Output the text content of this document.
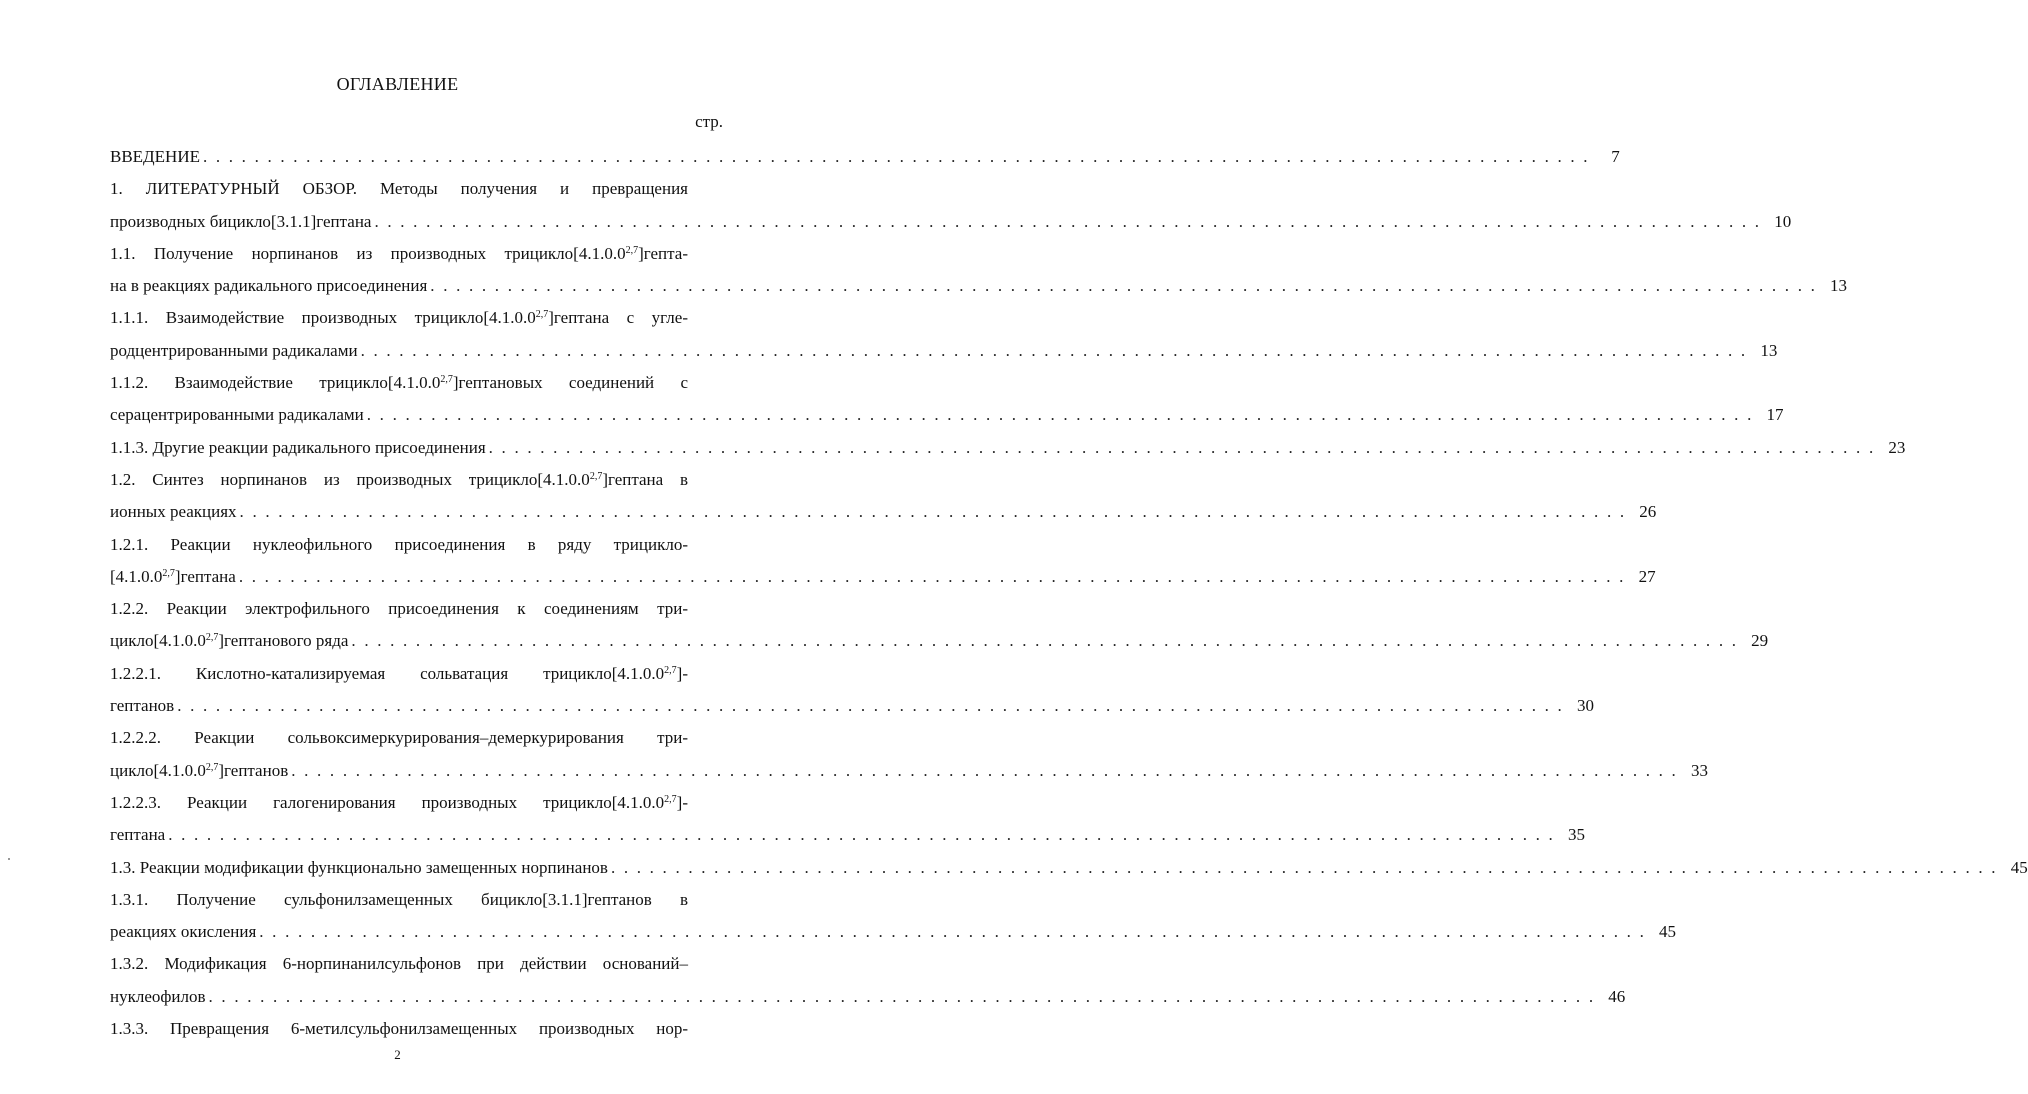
ОГЛАВЛЕНИЕ
стр.
ВВЕДЕНИЕ . . . . . . . . . . . . . . . . . . . . . . . . . . . . . . . . . . . . . . . . . . . . . . . . . . . . . . . . . . . . . . . . . . . . . . . . . . . . . . . . . . . . . . . . . . . . . . . . . . . . . . . . . . . .	7
1. ЛИТЕРАТУРНЫЙ ОБЗОР. Методы получения и превращения
производных бицикло[3.1.1]гептана . . . . . . . . . . . . . . . . . . . . . . . . . . . . . . . . . . . . . . . . . . . . . . . . . . . . . . . . . . . . . . . . . . . . . . . . . . . . . . . . . . . . . . . . . . . . . . . . . . . . . . . . . . . . 10
1.1. Получение норпинанов из производных трицикло[4.1.0.0$^{2,7}$]гепта-
на в реакциях радикального присоединения . . . . . . . . . . . . . . . . . . . . . . . . . . . . . . . . . . . . . . . . . . . . . . . . . . . . . . . . . . . . . . . . . . . . . . . . . . . . . . . . . . . . . . . . . . . . . . . . . . . . . . . . . . . . 13
1.1.1. Взаимодействие производных трицикло[4.1.0.0$^{2,7}$]гептана с угле-
родцентрированными радикалами . . . . . . . . . . . . . . . . . . . . . . . . . . . . . . . . . . . . . . . . . . . . . . . . . . . . . . . . . . . . . . . . . . . . . . . . . . . . . . . . . . . . . . . . . . . . . . . . . . . . . . . . . . . . 13
1.1.2. Взаимодействие трицикло[4.1.0.0$^{2,7}$]гептановых соединений с
серацентрированными радикалами . . . . . . . . . . . . . . . . . . . . . . . . . . . . . . . . . . . . . . . . . . . . . . . . . . . . . . . . . . . . . . . . . . . . . . . . . . . . . . . . . . . . . . . . . . . . . . . . . . . . . . . . . . . . 17
1.1.3. Другие реакции радикального присоединения . . . . . . . . . . . . . . . . . . . . . . . . . . . . . . . . . . . . . . . . . . . . . . . . . . . . . . . . . . . . . . . . . . . . . . . . . . . . . . . . . . . . . . . . . . . . . . . . . . . . . . . . . . . . 23
1.2. Синтез норпинанов из производных трицикло[4.1.0.0$^{2,7}$]гептана в
ионных реакциях . . . . . . . . . . . . . . . . . . . . . . . . . . . . . . . . . . . . . . . . . . . . . . . . . . . . . . . . . . . . . . . . . . . . . . . . . . . . . . . . . . . . . . . . . . . . . . . . . . . . . . . . . . . . 26
1.2.1. Реакции нуклеофильного присоединения в ряду трицикло-
[4.1.0.0$^{2,7}$]гептана . . . . . . . . . . . . . . . . . . . . . . . . . . . . . . . . . . . . . . . . . . . . . . . . . . . . . . . . . . . . . . . . . . . . . . . . . . . . . . . . . . . . . . . . . . . . . . . . . . . . . . . . . . . . 27
1.2.2. Реакции электрофильного присоединения к соединениям три-
цикло[4.1.0.0$^{2,7}$]гептанового ряда . . . . . . . . . . . . . . . . . . . . . . . . . . . . . . . . . . . . . . . . . . . . . . . . . . . . . . . . . . . . . . . . . . . . . . . . . . . . . . . . . . . . . . . . . . . . . . . . . . . . . . . . . . . . 29
1.2.2.1. Кислотно-катализируемая сольватация трицикло[4.1.0.0$^{2,7}$]-
гептанов . . . . . . . . . . . . . . . . . . . . . . . . . . . . . . . . . . . . . . . . . . . . . . . . . . . . . . . . . . . . . . . . . . . . . . . . . . . . . . . . . . . . . . . . . . . . . . . . . . . . . . . . . . . . 30
1.2.2.2. Реакции сольвоксимеркурирования–демеркурирования три-
цикло[4.1.0.0$^{2,7}$]гептанов . . . . . . . . . . . . . . . . . . . . . . . . . . . . . . . . . . . . . . . . . . . . . . . . . . . . . . . . . . . . . . . . . . . . . . . . . . . . . . . . . . . . . . . . . . . . . . . . . . . . . . . . . . . . 33
1.2.2.3. Реакции галогенирования производных трицикло[4.1.0.0$^{2,7}$]-
гептана . . . . . . . . . . . . . . . . . . . . . . . . . . . . . . . . . . . . . . . . . . . . . . . . . . . . . . . . . . . . . . . . . . . . . . . . . . . . . . . . . . . . . . . . . . . . . . . . . . . . . . . . . . . . 35
1.3. Реакции модификации функционально замещенных норпинанов . . . . . . . . . . . . . . . . . . . . . . . . . . . . . . . . . . . . . . . . . . . . . . . . . . . . . . . . . . . . . . . . . . . . . . . . . . . . . . . . . . . . . . . . . . . . . . . . . . . . . . . . . . . . 45
1.3.1. Получение сульфонилзамещенных бицикло[3.1.1]гептанов в
реакциях окисления . . . . . . . . . . . . . . . . . . . . . . . . . . . . . . . . . . . . . . . . . . . . . . . . . . . . . . . . . . . . . . . . . . . . . . . . . . . . . . . . . . . . . . . . . . . . . . . . . . . . . . . . . . . . 45
1.3.2. Модификация 6-норпинанилсульфонов при действии оснований–
нуклеофилов . . . . . . . . . . . . . . . . . . . . . . . . . . . . . . . . . . . . . . . . . . . . . . . . . . . . . . . . . . . . . . . . . . . . . . . . . . . . . . . . . . . . . . . . . . . . . . . . . . . . . . . . . . . . 46
1.3.3. Превращения 6-метилсульфонилзамещенных производных нор-
2
